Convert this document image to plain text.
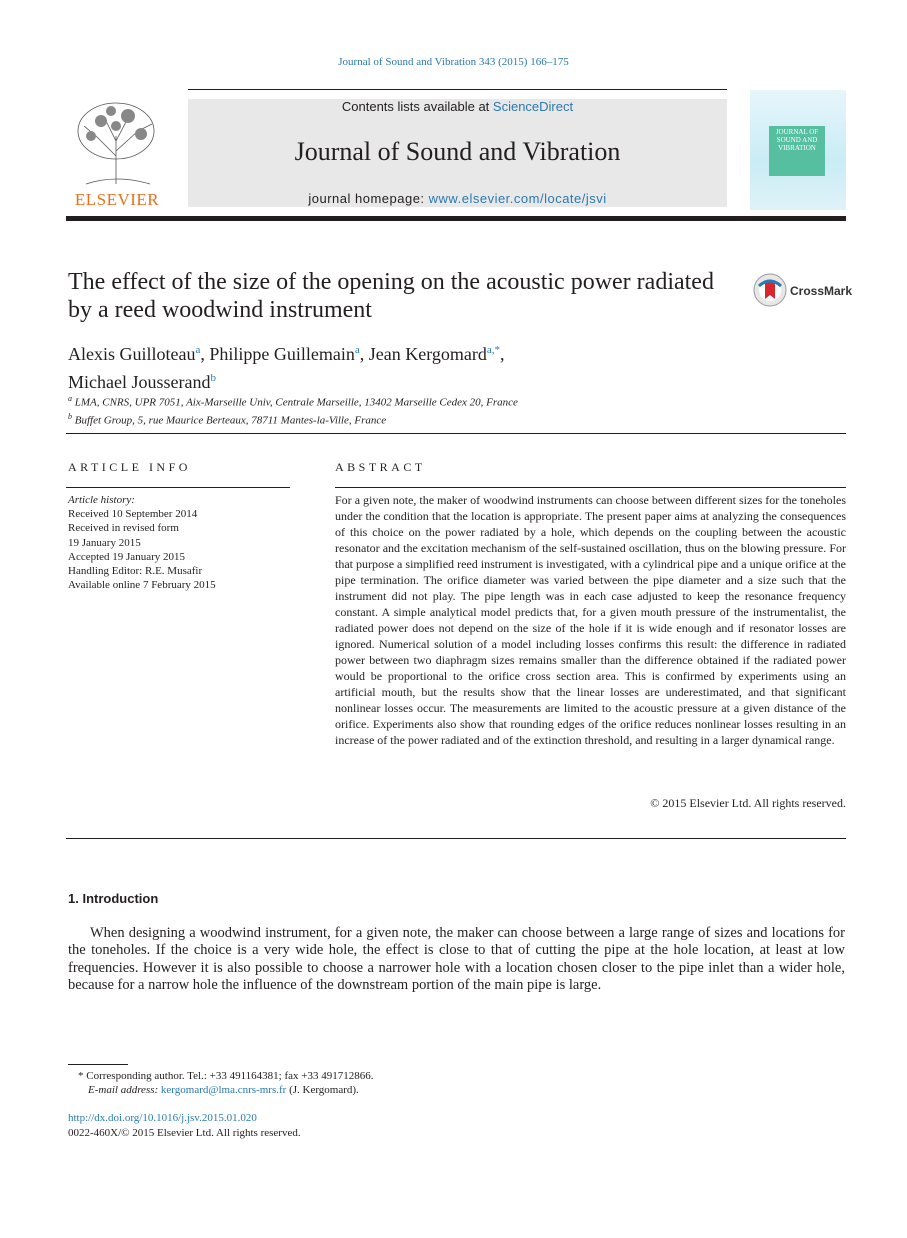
Journal of Sound and Vibration 343 (2015) 166–175
ELSEVIER
Contents lists available at ScienceDirect
Journal of Sound and Vibration
journal homepage: www.elsevier.com/locate/jsvi
JOURNAL OF SOUND AND VIBRATION
The effect of the size of the opening on the acoustic power radiated by a reed woodwind instrument
CrossMark
Alexis Guilloteau$^a$, Philippe Guillemain$^a$, Jean Kergomard$^{a,*}$,
Michael Jousserand$^b$
$^a$ LMA, CNRS, UPR 7051, Aix-Marseille Univ, Centrale Marseille, 13402 Marseille Cedex 20, France
$^b$ Buffet Group, 5, rue Maurice Berteaux, 78711 Mantes-la-Ville, France
ARTICLE INFO	ABSTRACT
Article history:
Received 10 September 2014
Received in revised form
19 January 2015
Accepted 19 January 2015
Handling Editor: R.E. Musafir
Available online 7 February 2015
For a given note, the maker of woodwind instruments can choose between different sizes for the toneholes under the condition that the location is appropriate. The present paper aims at analyzing the consequences of this choice on the power radiated by a hole, which depends on the coupling between the acoustic resonator and the excitation mechanism of the self-sustained oscillation, thus on the blowing pressure. For that purpose a simplified reed instrument is investigated, with a cylindrical pipe and a unique orifice at the pipe termination. The orifice diameter was varied between the pipe diameter and a size such that the instrument did not play. The pipe length was in each case adjusted to keep the resonance frequency constant. A simple analytical model predicts that, for a given mouth pressure of the instrumentalist, the radiated power does not depend on the size of the hole if it is wide enough and if resonator losses are ignored. Numerical solution of a model including losses confirms this result: the difference in radiated power between two diaphragm sizes remains smaller than the difference obtained if the radiated power would be proportional to the orifice cross section area. This is confirmed by experiments using an artificial mouth, but the results show that the linear losses are underestimated, and that significant nonlinear losses occur. The measurements are limited to the acoustic pressure at a given distance of the orifice. Experiments also show that rounding edges of the orifice reduces nonlinear losses resulting in an increase of the power radiated and of the extinction threshold, and resulting in a larger dynamical range.
© 2015 Elsevier Ltd. All rights reserved.
1. Introduction
When designing a woodwind instrument, for a given note, the maker can choose between a large range of sizes and locations for the toneholes. If the choice is a very wide hole, the effect is close to that of cutting the pipe at the hole location, at least at low frequencies. However it is also possible to choose a narrower hole with a location chosen closer to the pipe inlet than a wider hole, because for a narrow hole the influence of the downstream portion of the main pipe is large.
* Corresponding author. Tel.: +33 491164381; fax +33 491712866.
E-mail address: kergomard@lma.cnrs-mrs.fr (J. Kergomard).
http://dx.doi.org/10.1016/j.jsv.2015.01.020
0022-460X/© 2015 Elsevier Ltd. All rights reserved.
